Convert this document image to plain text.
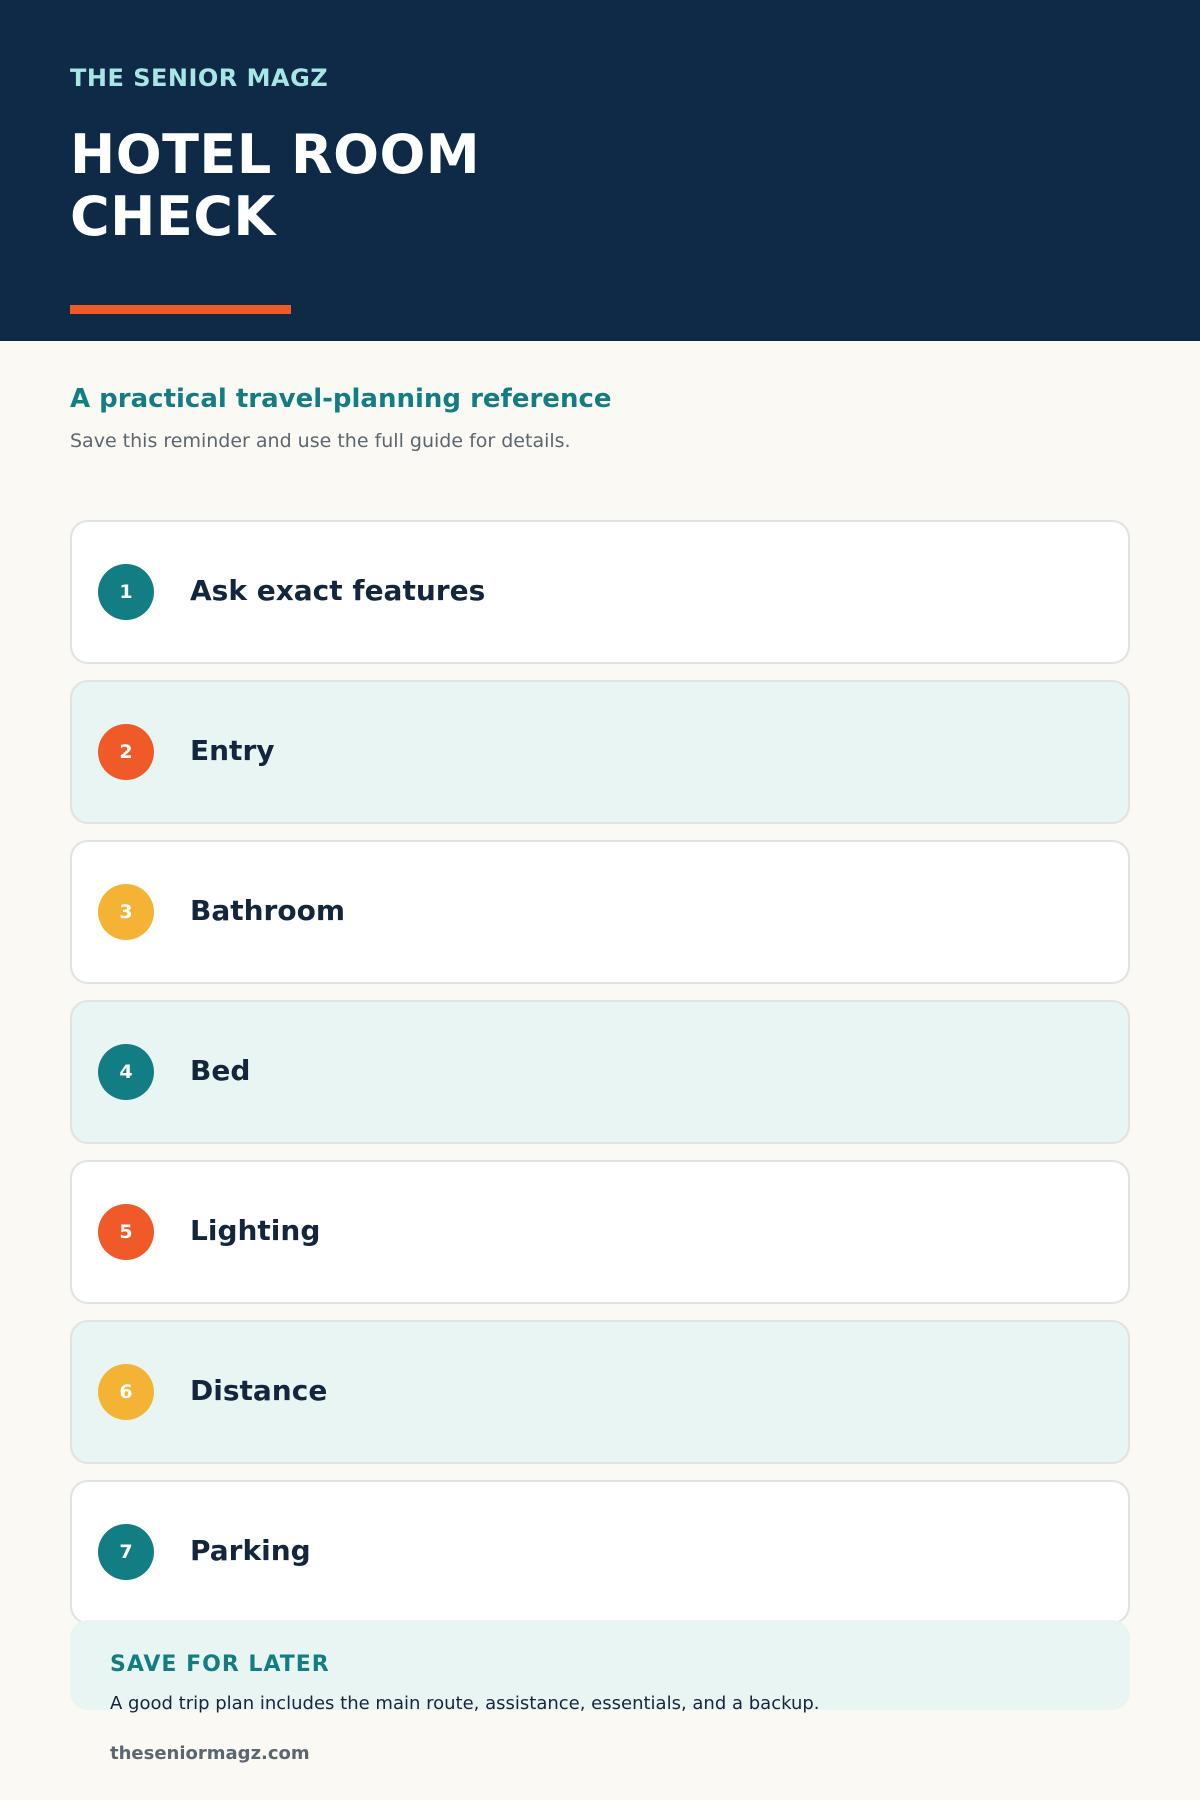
THE SENIOR MAGZ
HOTEL ROOM CHECK
A practical travel-planning reference
Save this reminder and use the full guide for details.
1	Ask exact features
2	Entry
3	Bathroom
4	Bed
5	Lighting
6	Distance
7	Parking
SAVE FOR LATER
A good trip plan includes the main route, assistance, essentials, and a backup.
theseniormagz.com
